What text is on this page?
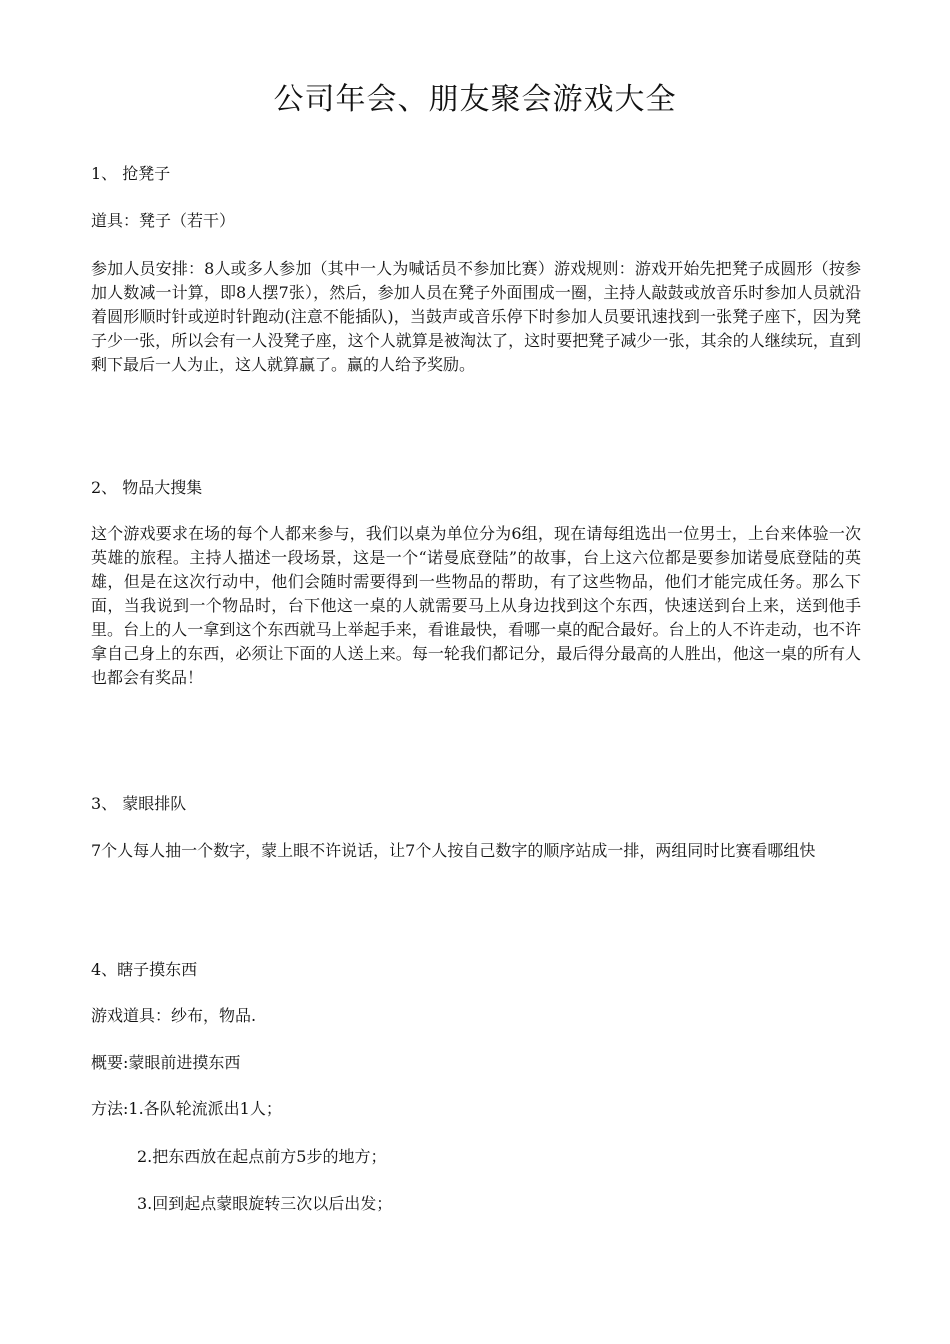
公司年会、朋友聚会游戏大全

1、 抢凳子

道具：凳子（若干）

参加人员安排：8人或多人参加（其中一人为喊话员不参加比赛）游戏规则：游戏开始先把凳子成圆形（按参加人数减一计算，即8人摆7张），然后，参加人员在凳子外面围成一圈，主持人敲鼓或放音乐时参加人员就沿着圆形顺时针或逆时针跑动(注意不能插队)，当鼓声或音乐停下时参加人员要讯速找到一张凳子座下，因为凳子少一张，所以会有一人没凳子座，这个人就算是被淘汰了，这时要把凳子减少一张，其余的人继续玩，直到剩下最后一人为止，这人就算赢了。赢的人给予奖励。

2、 物品大搜集

这个游戏要求在场的每个人都来参与，我们以桌为单位分为6组，现在请每组选出一位男士，上台来体验一次英雄的旅程。主持人描述一段场景，这是一个“诺曼底登陆”的故事，台上这六位都是要参加诺曼底登陆的英雄，但是在这次行动中，他们会随时需要得到一些物品的帮助，有了这些物品，他们才能完成任务。那么下面，当我说到一个物品时，台下他这一桌的人就需要马上从身边找到这个东西，快速送到台上来，送到他手里。台上的人一拿到这个东西就马上举起手来，看谁最快，看哪一桌的配合最好。台上的人不许走动，也不许拿自己身上的东西，必须让下面的人送上来。每一轮我们都记分，最后得分最高的人胜出，他这一桌的所有人也都会有奖品！

3、 蒙眼排队

7个人每人抽一个数字，蒙上眼不许说话，让7个人按自己数字的顺序站成一排，两组同时比赛看哪组快

4、瞎子摸东西

游戏道具：纱布，物品.

概要:蒙眼前进摸东西

方法:1.各队轮流派出1人；

2.把东西放在起点前方5步的地方；

3.回到起点蒙眼旋转三次以后出发；
